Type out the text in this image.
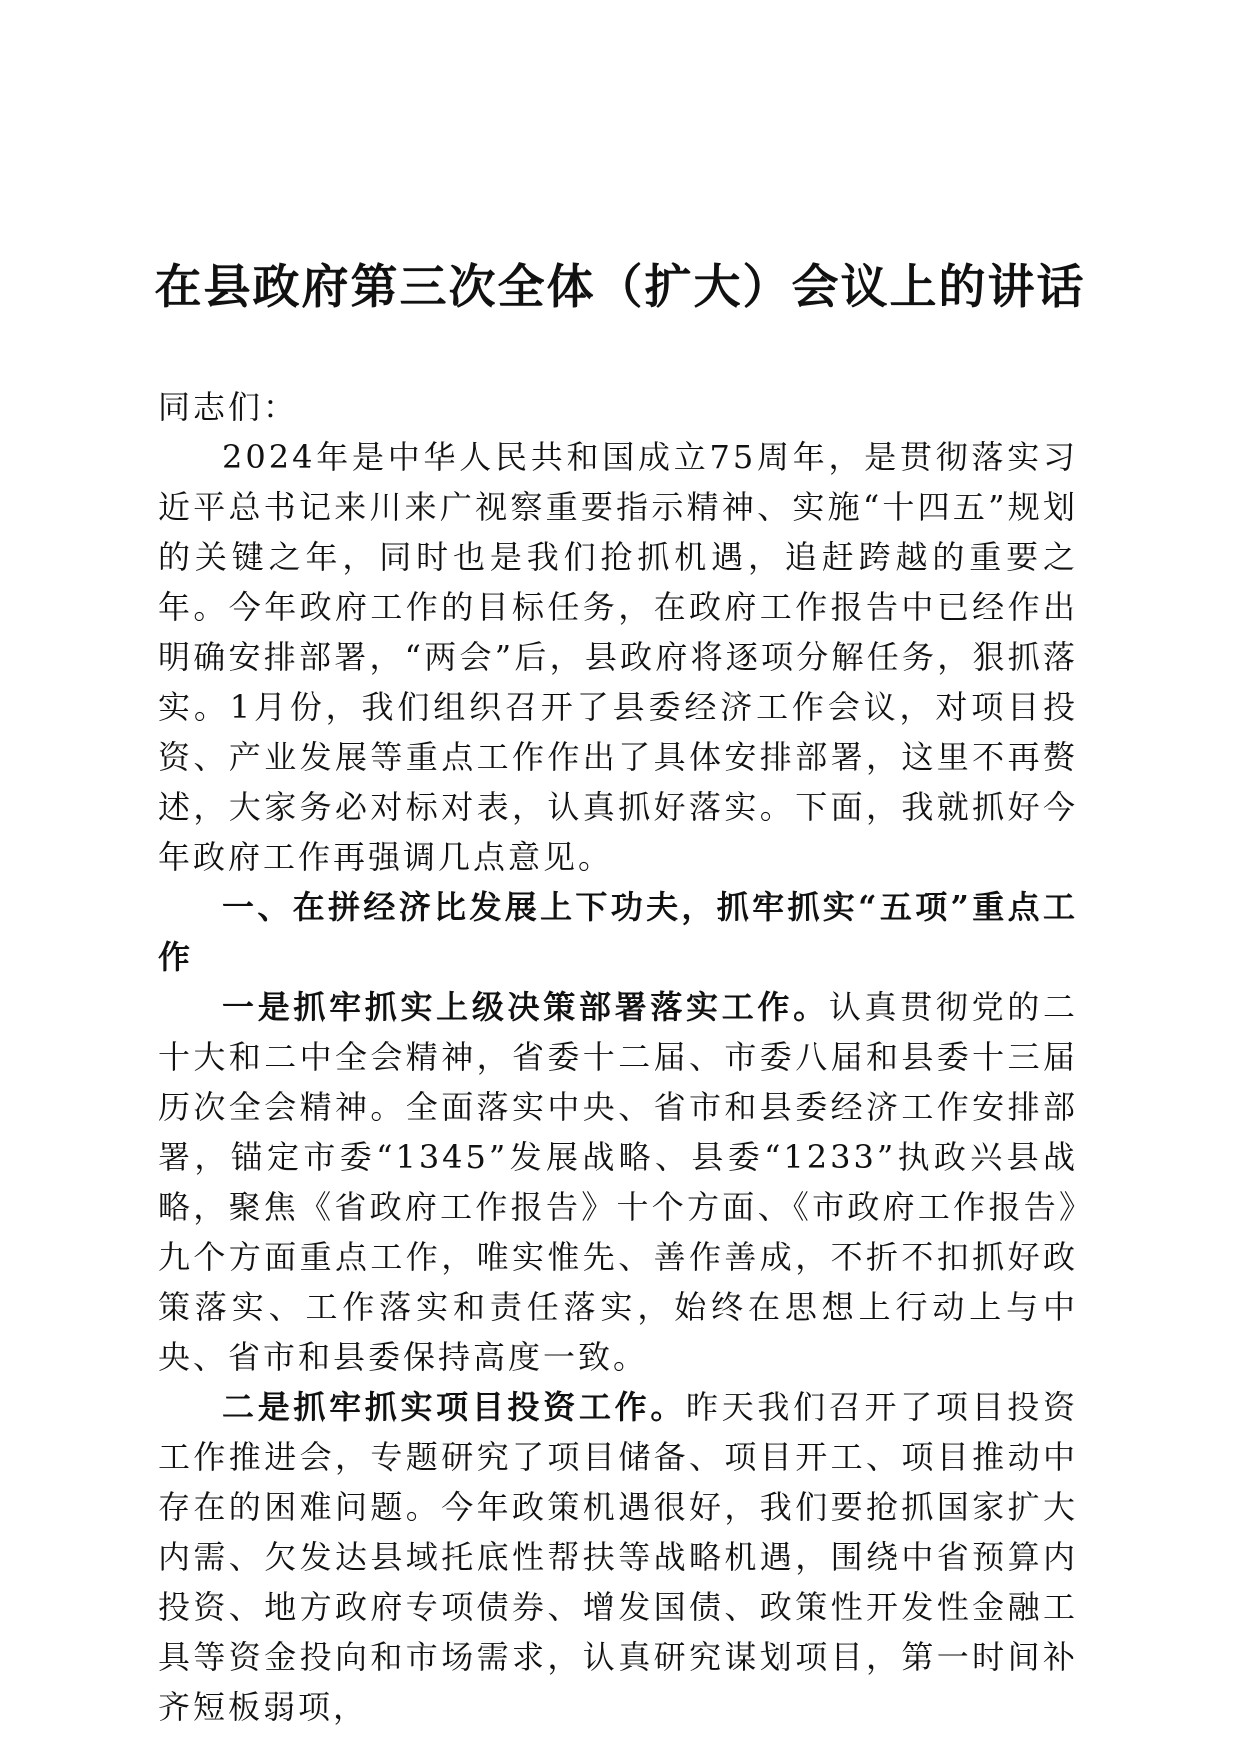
在县政府第三次全体（扩大）会议上的讲话

同志们：

2024年是中华人民共和国成立75周年，是贯彻落实习近平总书记来川来广视察重要指示精神、实施“十四五”规划的关键之年，同时也是我们抢抓机遇，追赶跨越的重要之年。今年政府工作的目标任务，在政府工作报告中已经作出明确安排部署，“两会”后，县政府将逐项分解任务，狠抓落实。1月份，我们组织召开了县委经济工作会议，对项目投资、产业发展等重点工作作出了具体安排部署，这里不再赘述，大家务必对标对表，认真抓好落实。下面，我就抓好今年政府工作再强调几点意见。

一、在拼经济比发展上下功夫，抓牢抓实“五项”重点工作

一是抓牢抓实上级决策部署落实工作。认真贯彻党的二十大和二中全会精神，省委十二届、市委八届和县委十三届历次全会精神。全面落实中央、省市和县委经济工作安排部署，锚定市委“1345”发展战略、县委“1233”执政兴县战略，聚焦《省政府工作报告》十个方面、《市政府工作报告》九个方面重点工作，唯实惟先、善作善成，不折不扣抓好政策落实、工作落实和责任落实，始终在思想上行动上与中央、省市和县委保持高度一致。

二是抓牢抓实项目投资工作。昨天我们召开了项目投资工作推进会，专题研究了项目储备、项目开工、项目推动中存在的困难问题。今年政策机遇很好，我们要抢抓国家扩大内需、欠发达县域托底性帮扶等战略机遇，围绕中省预算内投资、地方政府专项债券、增发国债、政策性开发性金融工具等资金投向和市场需求，认真研究谋划项目，第一时间补齐短板弱项，
